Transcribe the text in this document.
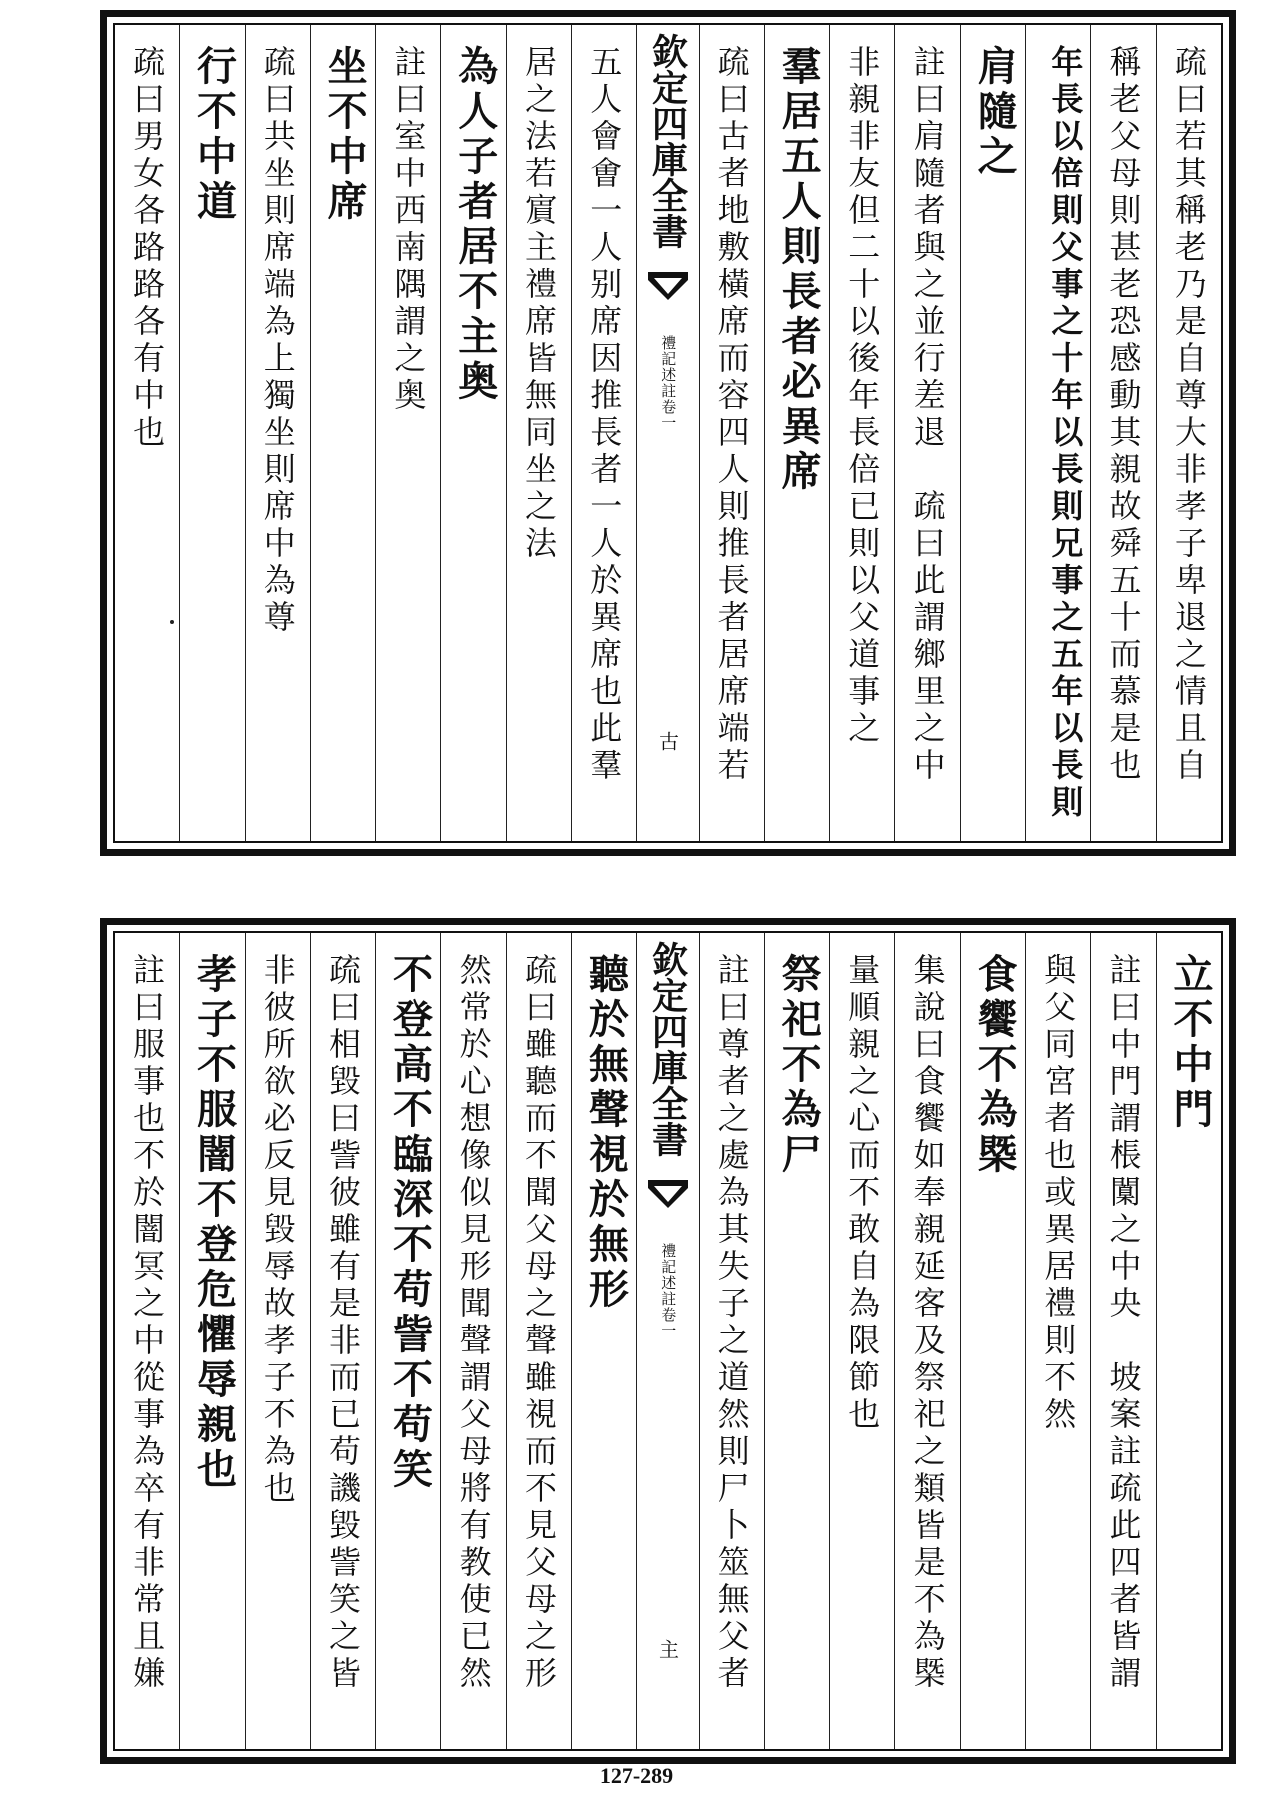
疏曰若其稱老乃是自尊大非孝子卑退之情且自
稱老父母則甚老恐感動其親故舜五十而慕是也
年長以倍則父事之十年以長則兄事之五年以長則
肩隨之
註曰肩隨者與之並行差退　疏曰此謂鄉里之中
非親非友但二十以後年長倍已則以父道事之
羣居五人則長者必異席
疏曰古者地敷橫席而容四人則推長者居席端若
欽定四庫全書
禮記述註
卷一
古
五人會㑹一人别席因推長者一人於異席也此羣
居之法若賔主禮席皆無同坐之法
為人子者居不主奥
註曰室中西南隅謂之奥
坐不中席
疏曰共坐則席端為上獨坐則席中為尊
行不中道
疏曰男女各路路各有中也
立不中門
註曰中門謂棖闑之中央　坡案註疏此四者皆謂
與父同宮者也或異居禮則不然
食饗不為槩
集說曰食饗如奉親延客及祭祀之類皆是不為槩
量順親之心而不敢自為限節也
祭祀不為尸
註曰尊者之處為其失子之道然則尸卜筮無父者
欽定四庫全書
禮記述註
卷一
主
聽於無聲視於無形
疏曰雖聽而不聞父母之聲雖視而不見父母之形
然常於心想像似見形聞聲謂父母將有教使已然
不登高不臨深不苟訾不苟笑
疏曰相毀曰訾彼雖有是非而已苟譏毀訾笑之皆
非彼所欲必反見毀辱故孝子不為也
孝子不服闇不登危懼辱親也
註曰服事也不於闇冥之中從事為卒有非常且嫌
127-289
